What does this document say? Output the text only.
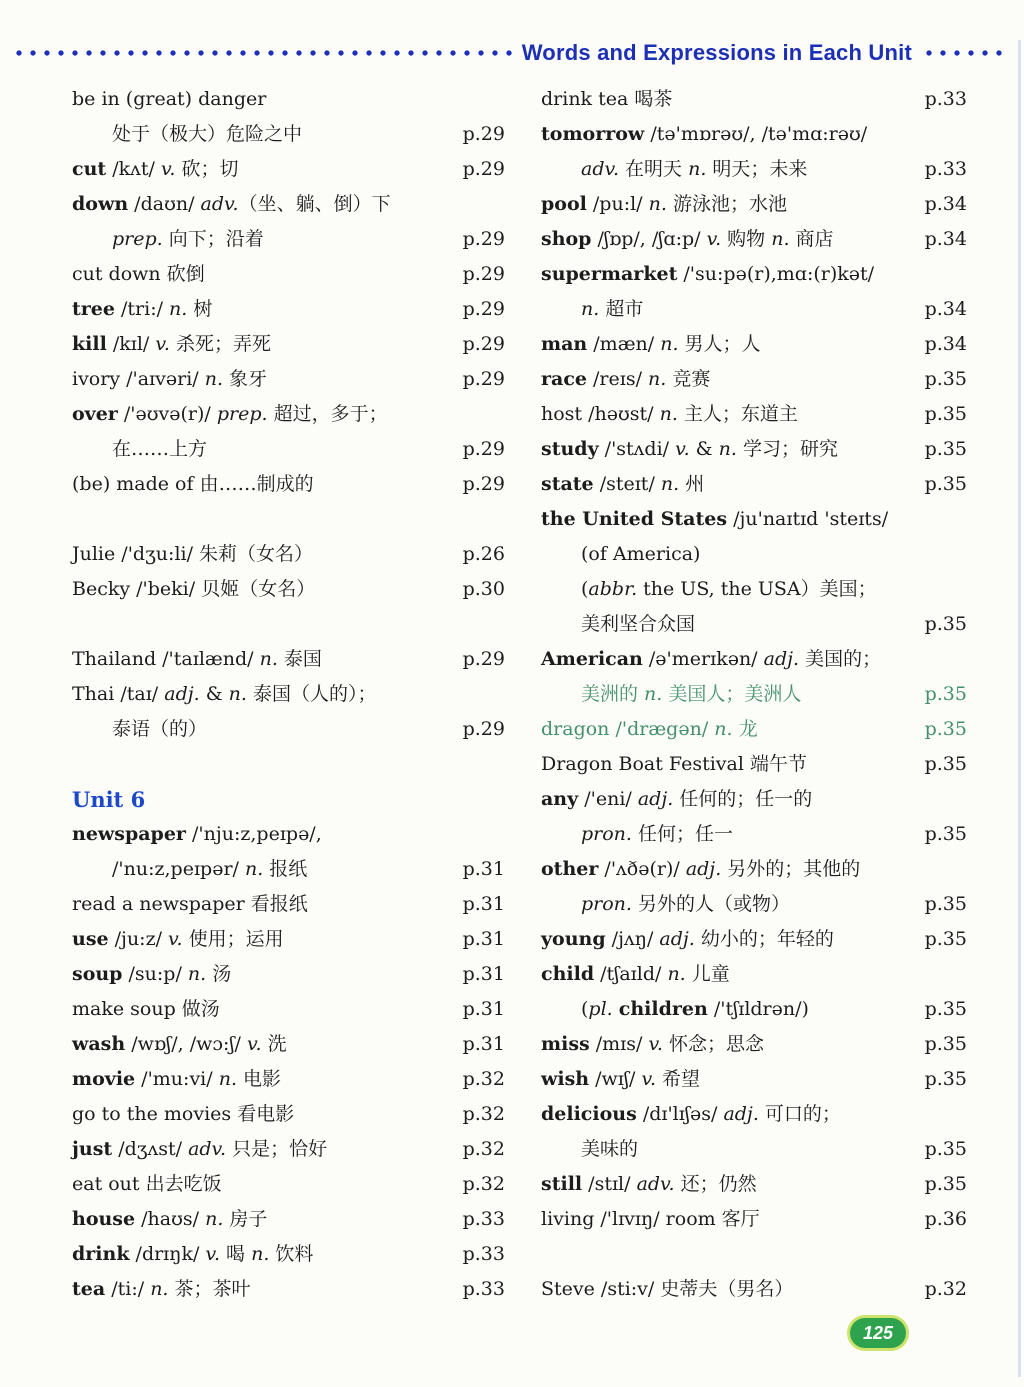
Words and Expressions in Each Unit
be in (great) danger
处于（极大）危险之中	p.29
cut /kʌt/ v. 砍；切	p.29
down /daʊn/ adv.（坐、躺、倒）下
prep. 向下；沿着	p.29
cut down 砍倒	p.29
tree /tri:/ n. 树	p.29
kill /kɪl/ v. 杀死；弄死	p.29
ivory /'aɪvəri/ n. 象牙	p.29
over /'əʊvə(r)/ prep. 超过，多于；
在……上方	p.29
(be) made of 由……制成的	p.29
Julie /'dʒu:li/ 朱莉（女名）	p.26
Becky /'beki/ 贝姬（女名）	p.30
Thailand /'taɪlænd/ n. 泰国	p.29
Thai /taɪ/ adj. & n. 泰国（人的）；
泰语（的）	p.29
Unit 6
newspaper /'nju:z,peɪpə/,
/'nu:z,peɪpər/ n. 报纸	p.31
read a newspaper 看报纸	p.31
use /ju:z/ v. 使用；运用	p.31
soup /su:p/ n. 汤	p.31
make soup 做汤	p.31
wash /wɒʃ/, /wɔ:ʃ/ v. 洗	p.31
movie /'mu:vi/ n. 电影	p.32
go to the movies 看电影	p.32
just /dʒʌst/ adv. 只是；恰好	p.32
eat out 出去吃饭	p.32
house /haʊs/ n. 房子	p.33
drink /drɪŋk/ v. 喝 n. 饮料	p.33
tea /ti:/ n. 茶；茶叶	p.33
drink tea 喝茶	p.33
tomorrow /tə'mɒrəʊ/, /tə'mɑ:rəʊ/
adv. 在明天 n. 明天；未来	p.33
pool /pu:l/ n. 游泳池；水池	p.34
shop /ʃɒp/, /ʃɑ:p/ v. 购物 n. 商店	p.34
supermarket /'su:pə(r),mɑ:(r)kət/
n. 超市	p.34
man /mæn/ n. 男人；人	p.34
race /reɪs/ n. 竞赛	p.35
host /həʊst/ n. 主人；东道主	p.35
study /'stʌdi/ v. & n. 学习；研究	p.35
state /steɪt/ n. 州	p.35
the United States /ju'naɪtɪd 'steɪts/
(of America)
(abbr. the US, the USA）美国；
美利坚合众国	p.35
American /ə'merɪkən/ adj. 美国的；
美洲的 n. 美国人；美洲人	p.35
dragon /'drægən/ n. 龙	p.35
Dragon Boat Festival 端午节	p.35
any /'eni/ adj. 任何的；任一的
pron. 任何；任一	p.35
other /'ʌðə(r)/ adj. 另外的；其他的
pron. 另外的人（或物）	p.35
young /jʌŋ/ adj. 幼小的；年轻的	p.35
child /tʃaɪld/ n. 儿童
(pl. children /'tʃɪldrən/)	p.35
miss /mɪs/ v. 怀念；思念	p.35
wish /wɪʃ/ v. 希望	p.35
delicious /dɪ'lɪʃəs/ adj. 可口的；
美味的	p.35
still /stɪl/ adv. 还；仍然	p.35
living /'lɪvɪŋ/ room 客厅	p.36
Steve /sti:v/ 史蒂夫（男名）	p.32
125
